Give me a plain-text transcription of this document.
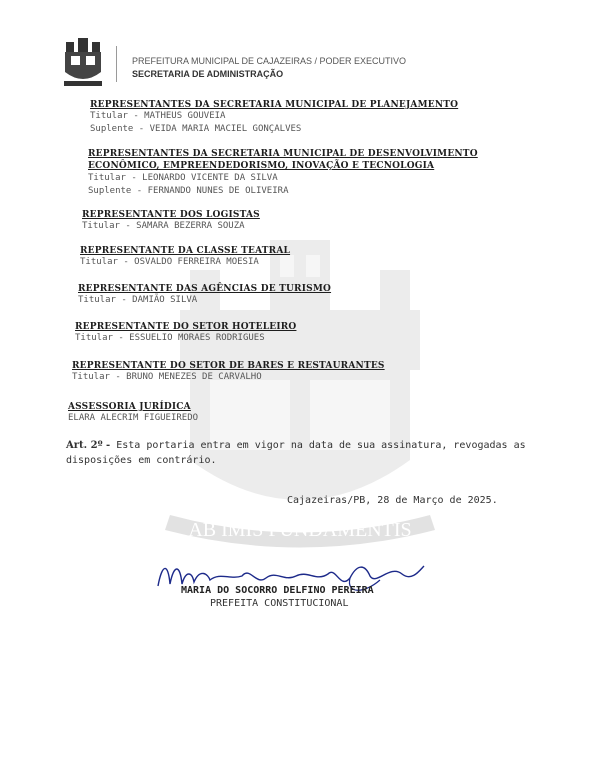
AB IMIS FUNDAMENTIS
PREFEITURA MUNICIPAL DE CAJAZEIRAS / PODER EXECUTIVO
SECRETARIA DE ADMINISTRAÇÃO
REPRESENTANTES DA SECRETARIA MUNICIPAL DE PLANEJAMENTO
Titular - MATHEUS GOUVEIA
Suplente - VEIDA MARIA MACIEL GONÇALVES
REPRESENTANTES DA SECRETARIA MUNICIPAL DE DESENVOLVIMENTO ECONÔMICO, EMPREENDEDORISMO, INOVAÇÃO E TECNOLOGIA
Titular - LEONARDO VICENTE DA SILVA
Suplente - FERNANDO NUNES DE OLIVEIRA
REPRESENTANTE DOS LOGISTAS
Titular - SAMARA BEZERRA SOUZA
REPRESENTANTE DA CLASSE TEATRAL
Titular - OSVALDO FERREIRA MOESIA
REPRESENTANTE DAS AGÊNCIAS DE TURISMO
Titular - DAMIÃO SILVA
REPRESENTANTE DO SETOR HOTELEIRO
Titular - ESSUELIO MORAES RODRIGUES
REPRESENTANTE DO SETOR DE BARES E RESTAURANTES
Titular - BRUNO MENEZES DE CARVALHO
ASSESSORIA JURÍDICA
ELARA ALECRIM FIGUEIREDO
Art. 2º - Esta portaria entra em vigor na data de sua assinatura, revogadas as disposições em contrário.
Cajazeiras/PB, 28 de Março de 2025.
MARIA DO SOCORRO DELFINO PEREIRA
PREFEITA CONSTITUCIONAL
